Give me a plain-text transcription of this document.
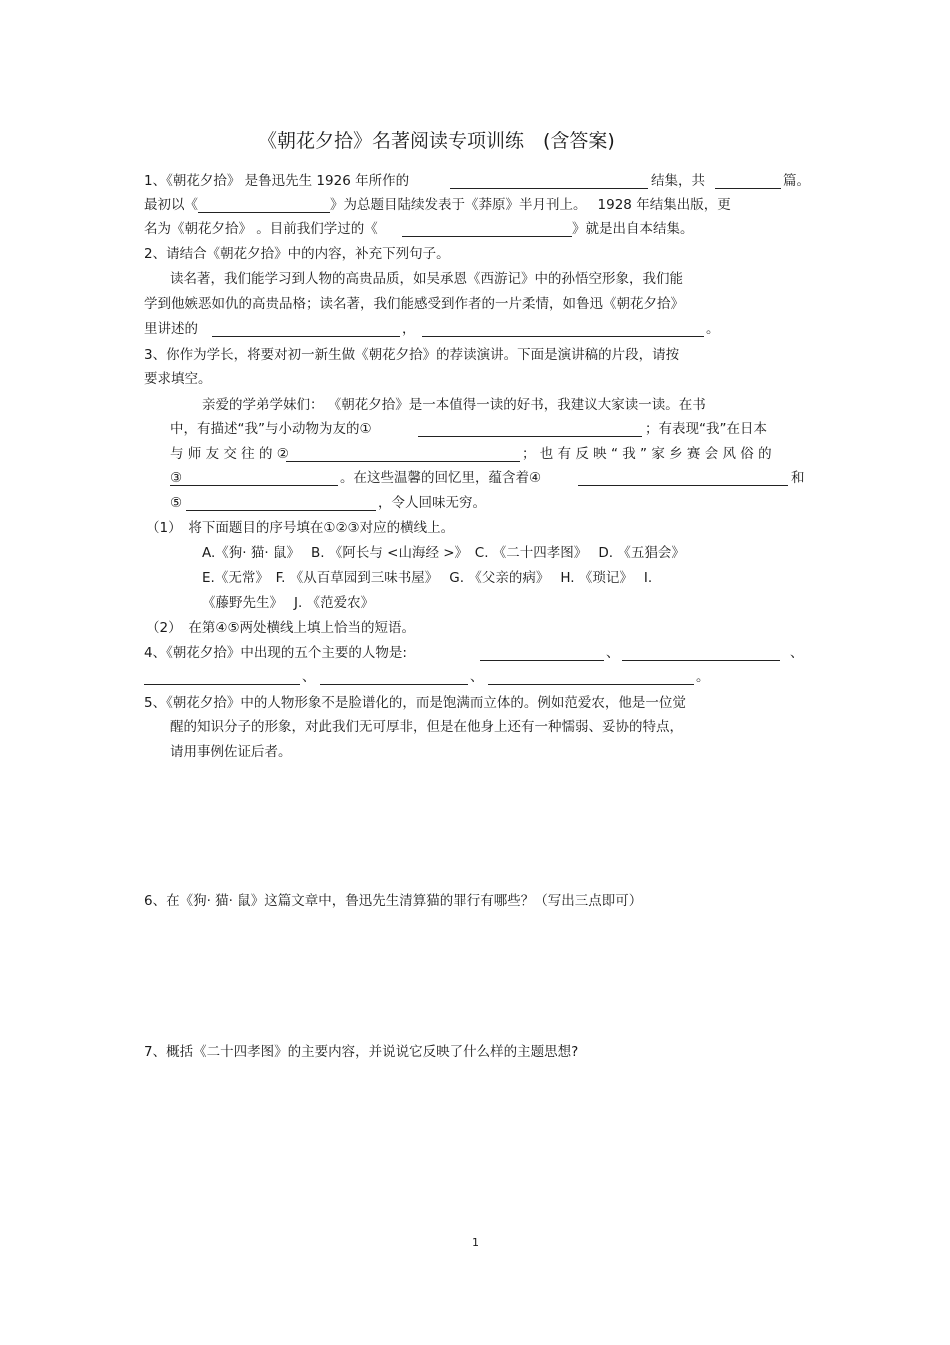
《朝花夕拾》名著阅读专项训练　(含答案)
1、《朝花夕拾》 是鲁迅先生 1926 年所作的	结集，共	篇。
最初以《	》为总题目陆续发表于《莽原》半月刊上。　 1928 年结集出版，更
名为《朝花夕拾》 。目前我们学过的《	》就是出自本结集。
2、请结合《朝花夕拾》中的内容，补充下列句子。
读名著，我们能学习到人物的高贵品质，如吴承恩《西游记》中的孙悟空形象，我们能
学到他嫉恶如仇的高贵品格；读名著，我们能感受到作者的一片柔情，如鲁迅《朝花夕拾》
里讲述的	，	。
3、你作为学长，将要对初一新生做《朝花夕拾》的荐读演讲。下面是演讲稿的片段，请按
要求填空。
亲爱的学弟学妹们： 《朝花夕拾》是一本值得一读的好书，我建议大家读一读。在书
中，有描述“我”与小动物为友的①	；有表现“我”在日本
与 师 友 交 往 的 ②	； 也 有 反 映 “ 我 ” 家 乡 赛 会 风 俗 的
③	。在这些温馨的回忆里，蕴含着④	和
⑤	，令人回味无穷。
（1）　将下面题目的序号填在①②③对应的横线上。
A.《狗· 猫· 鼠》　 B. 《阿长与 <山海经 >》　C. 《二十四孝图》　 D. 《五猖会》
E.《无常》　F. 《从百草园到三味书屋》　 G. 《父亲的病》　 H. 《琐记》　 I.
《藤野先生》　 J. 《范爱农》
（2）　在第④⑤两处横线上填上恰当的短语。
4、《朝花夕拾》中出现的五个主要的人物是:	、	、
、	、	。
5、《朝花夕拾》中的人物形象不是脸谱化的，而是饱满而立体的。例如范爱农，他是一位觉
醒的知识分子的形象，对此我们无可厚非，但是在他身上还有一种懦弱、妥协的特点，
请用事例佐证后者。
6、在《狗· 猫· 鼠》这篇文章中，鲁迅先生清算猫的罪行有哪些？（写出三点即可）
7、概括《二十四孝图》的主要内容，并说说它反映了什么样的主题思想?
1
